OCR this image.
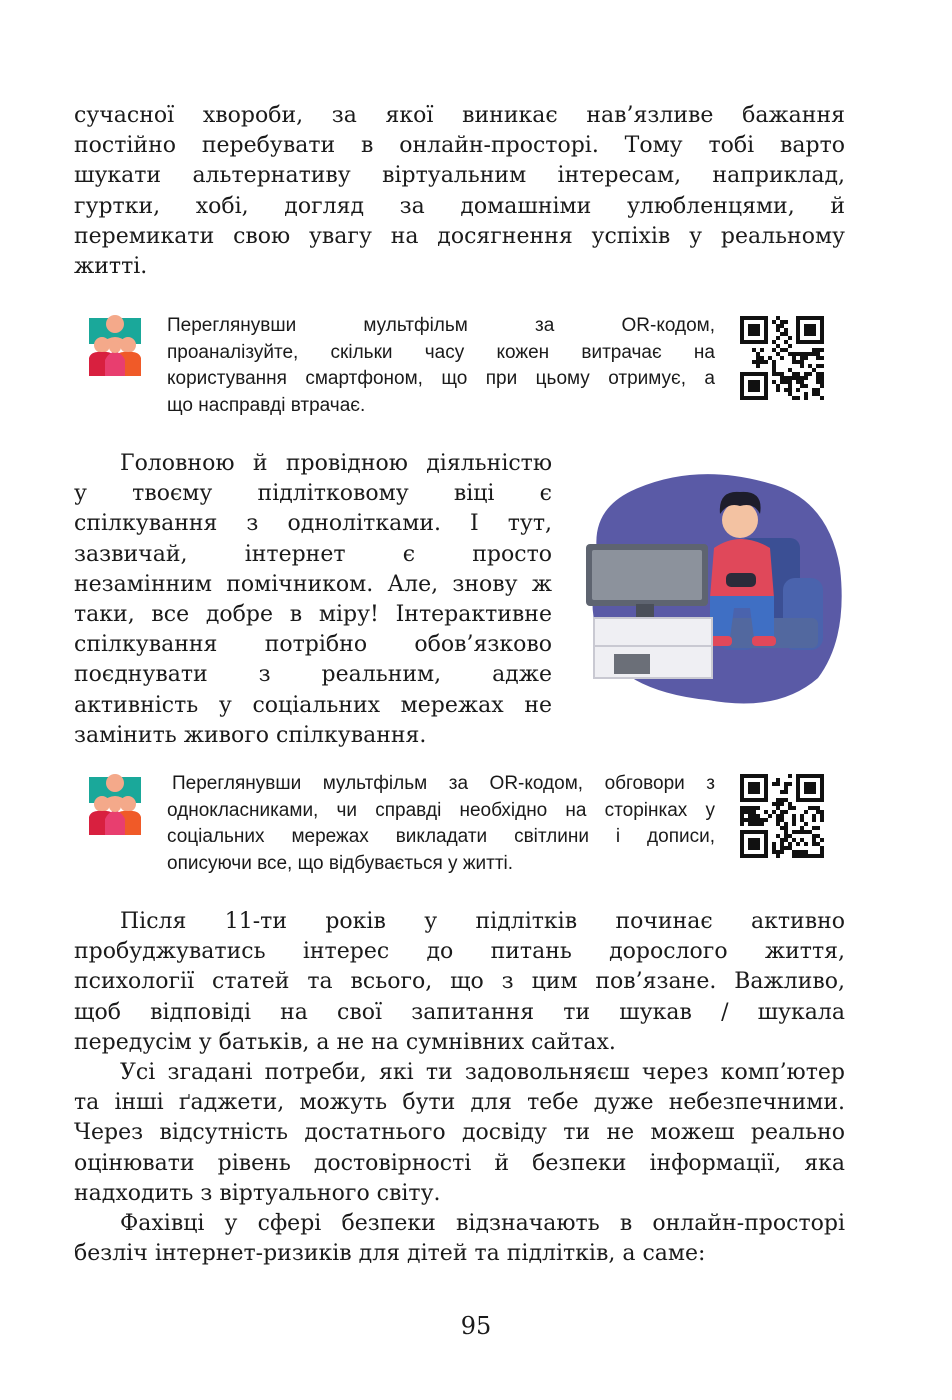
сучасної хвороби, за якої виникає нав’язливе бажання
постійно перебувати в онлайн-просторі. Тому тобі варто
шукати альтернативу віртуальним інтересам, наприклад,
гуртки, хобі, догляд за домашніми улюбленцями, й
перемикати свою увагу на досягнення успіхів у реальному
житті.
Переглянувши мультфільм за OR-кодом,
проаналізуйте, скільки часу кожен витрачає на
користування смартфоном, що при цьому отримує, а
що насправді втрачає.
Головною й провідною діяльністю
у твоєму підлітковому віці є
спілкування з однолітками. І тут,
зазвичай, інтернет є просто
незамінним помічником. Але, знову ж
таки, все добре в міру! Інтерактивне
спілкування потрібно обов’язково
поєднувати з реальним, адже
активність у соціальних мережах не
замінить живого спілкування.
Переглянувши мультфільм за OR-кодом, обговори з
однокласниками, чи справді необхідно на сторінках у
соціальних мережах викладати світлини і дописи,
описуючи все, що відбувається у житті.
Після 11-ти років у підлітків починає активно
пробуджуватись інтерес до питань дорослого життя,
психології статей та всього, що з цим пов’язане. Важливо,
щоб відповіді на свої запитання ти шукав / шукала
передусім у батьків, а не на сумнівних сайтах.
Усі згадані потреби, які ти задовольняєш через комп’ютер
та інші ґаджети, можуть бути для тебе дуже небезпечними.
Через відсутність достатнього досвіду ти не можеш реально
оцінювати рівень достовірності й безпеки інформації, яка
надходить з віртуального світу.
Фахівці у сфері безпеки відзначають в онлайн-просторі
безліч інтернет-ризиків для дітей та підлітків, а саме:
95
